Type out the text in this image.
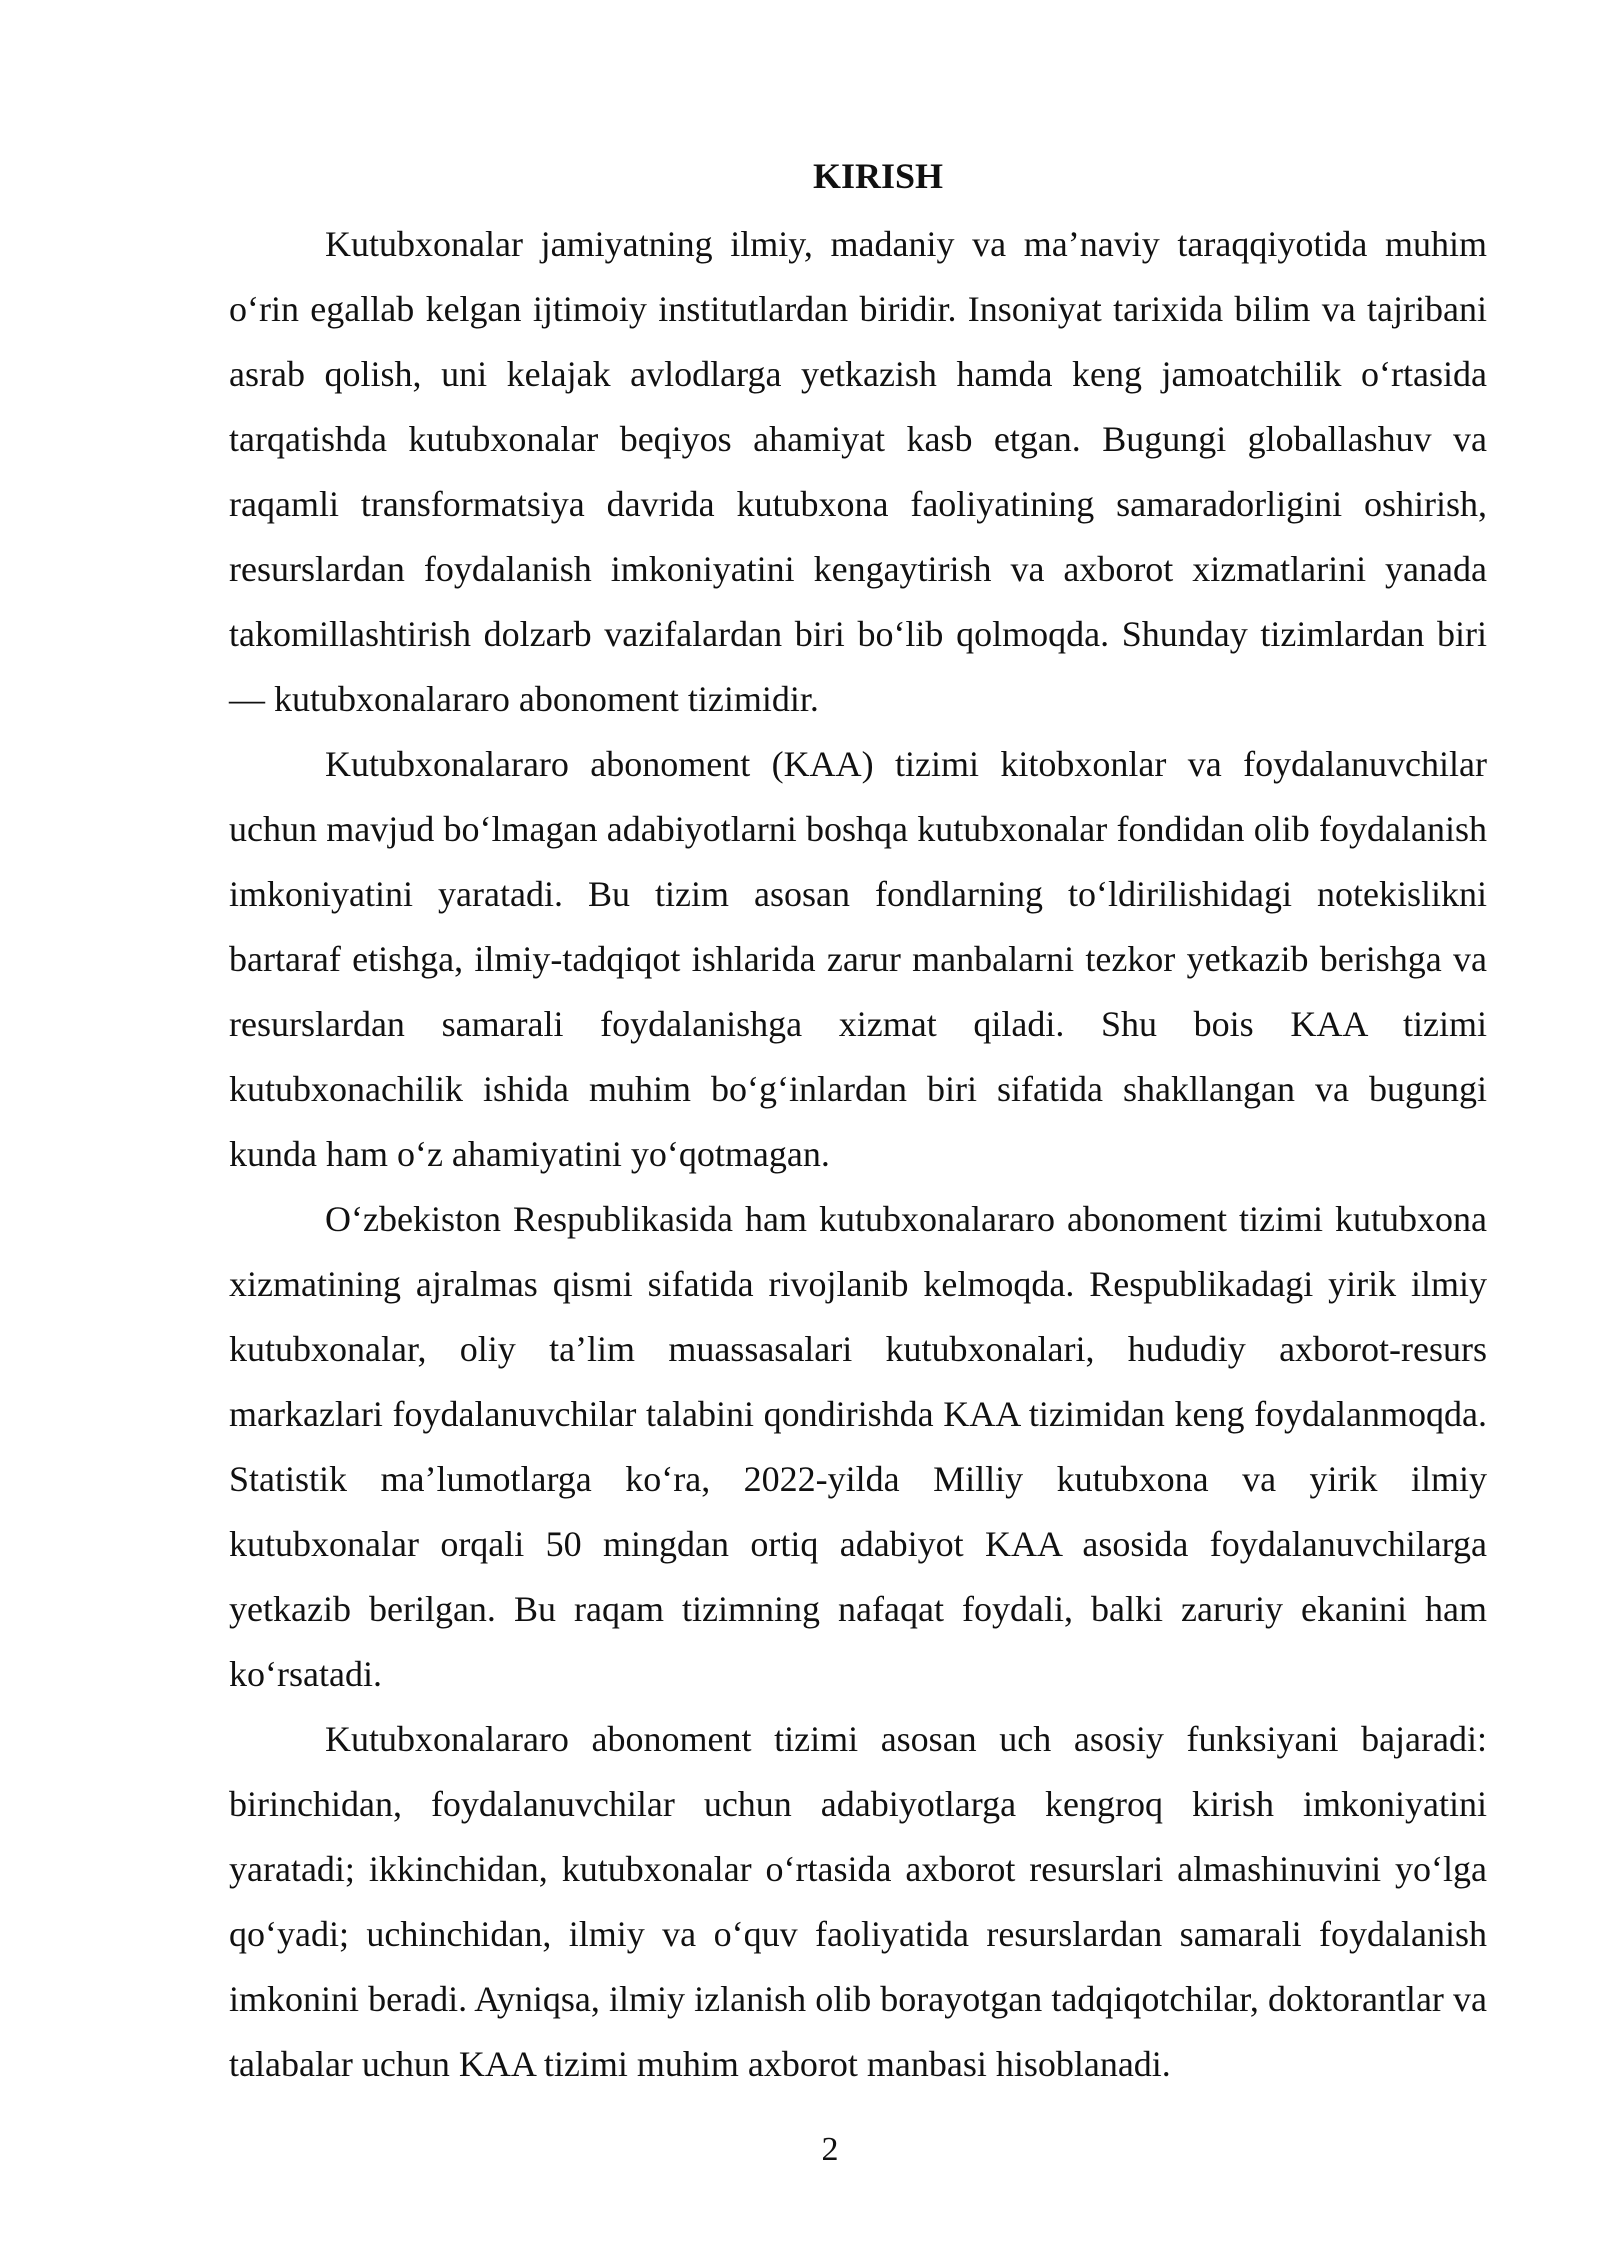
KIRISH

Kutubxonalar jamiyatning ilmiy, madaniy va ma’naviy taraqqiyotida muhim o‘rin egallab kelgan ijtimoiy institutlardan biridir. Insoniyat tarixida bilim va tajribani asrab qolish, uni kelajak avlodlarga yetkazish hamda keng jamoatchilik o‘rtasida tarqatishda kutubxonalar beqiyos ahamiyat kasb etgan. Bugungi globallashuv va raqamli transformatsiya davrida kutubxona faoliyatining samaradorligini oshirish, resurslardan foydalanish imkoniyatini kengaytirish va axborot xizmatlarini yanada takomillashtirish dolzarb vazifalardan biri bo‘lib qolmoqda. Shunday tizimlardan biri — kutubxonalararo abonoment tizimidir.

Kutubxonalararo abonoment (KAA) tizimi kitobxonlar va foydalanuvchilar uchun mavjud bo‘lmagan adabiyotlarni boshqa kutubxonalar fondidan olib foydalanish imkoniyatini yaratadi. Bu tizim asosan fondlarning to‘ldirilishidagi notekislikni bartaraf etishga, ilmiy-tadqiqot ishlarida zarur manbalarni tezkor yetkazib berishga va resurslardan samarali foydalanishga xizmat qiladi. Shu bois KAA tizimi kutubxonachilik ishida muhim bo‘g‘inlardan biri sifatida shakllangan va bugungi kunda ham o‘z ahamiyatini yo‘qotmagan.

O‘zbekiston Respublikasida ham kutubxonalararo abonoment tizimi kutubxona xizmatining ajralmas qismi sifatida rivojlanib kelmoqda. Respublikadagi yirik ilmiy kutubxonalar, oliy ta’lim muassasalari kutubxonalari, hududiy axborot-resurs markazlari foydalanuvchilar talabini qondirishda KAA tizimidan keng foydalanmoqda. Statistik ma’lumotlarga ko‘ra, 2022-yilda Milliy kutubxona va yirik ilmiy kutubxonalar orqali 50 mingdan ortiq adabiyot KAA asosida foydalanuvchilarga yetkazib berilgan. Bu raqam tizimning nafaqat foydali, balki zaruriy ekanini ham ko‘rsatadi.

Kutubxonalararo abonoment tizimi asosan uch asosiy funksiyani bajaradi: birinchidan, foydalanuvchilar uchun adabiyotlarga kengroq kirish imkoniyatini yaratadi; ikkinchidan, kutubxonalar o‘rtasida axborot resurslari almashinuvini yo‘lga qo‘yadi; uchinchidan, ilmiy va o‘quv faoliyatida resurslardan samarali foydalanish imkonini beradi. Ayniqsa, ilmiy izlanish olib borayotgan tadqiqotchilar, doktorantlar va talabalar uchun KAA tizimi muhim axborot manbasi hisoblanadi.

2
